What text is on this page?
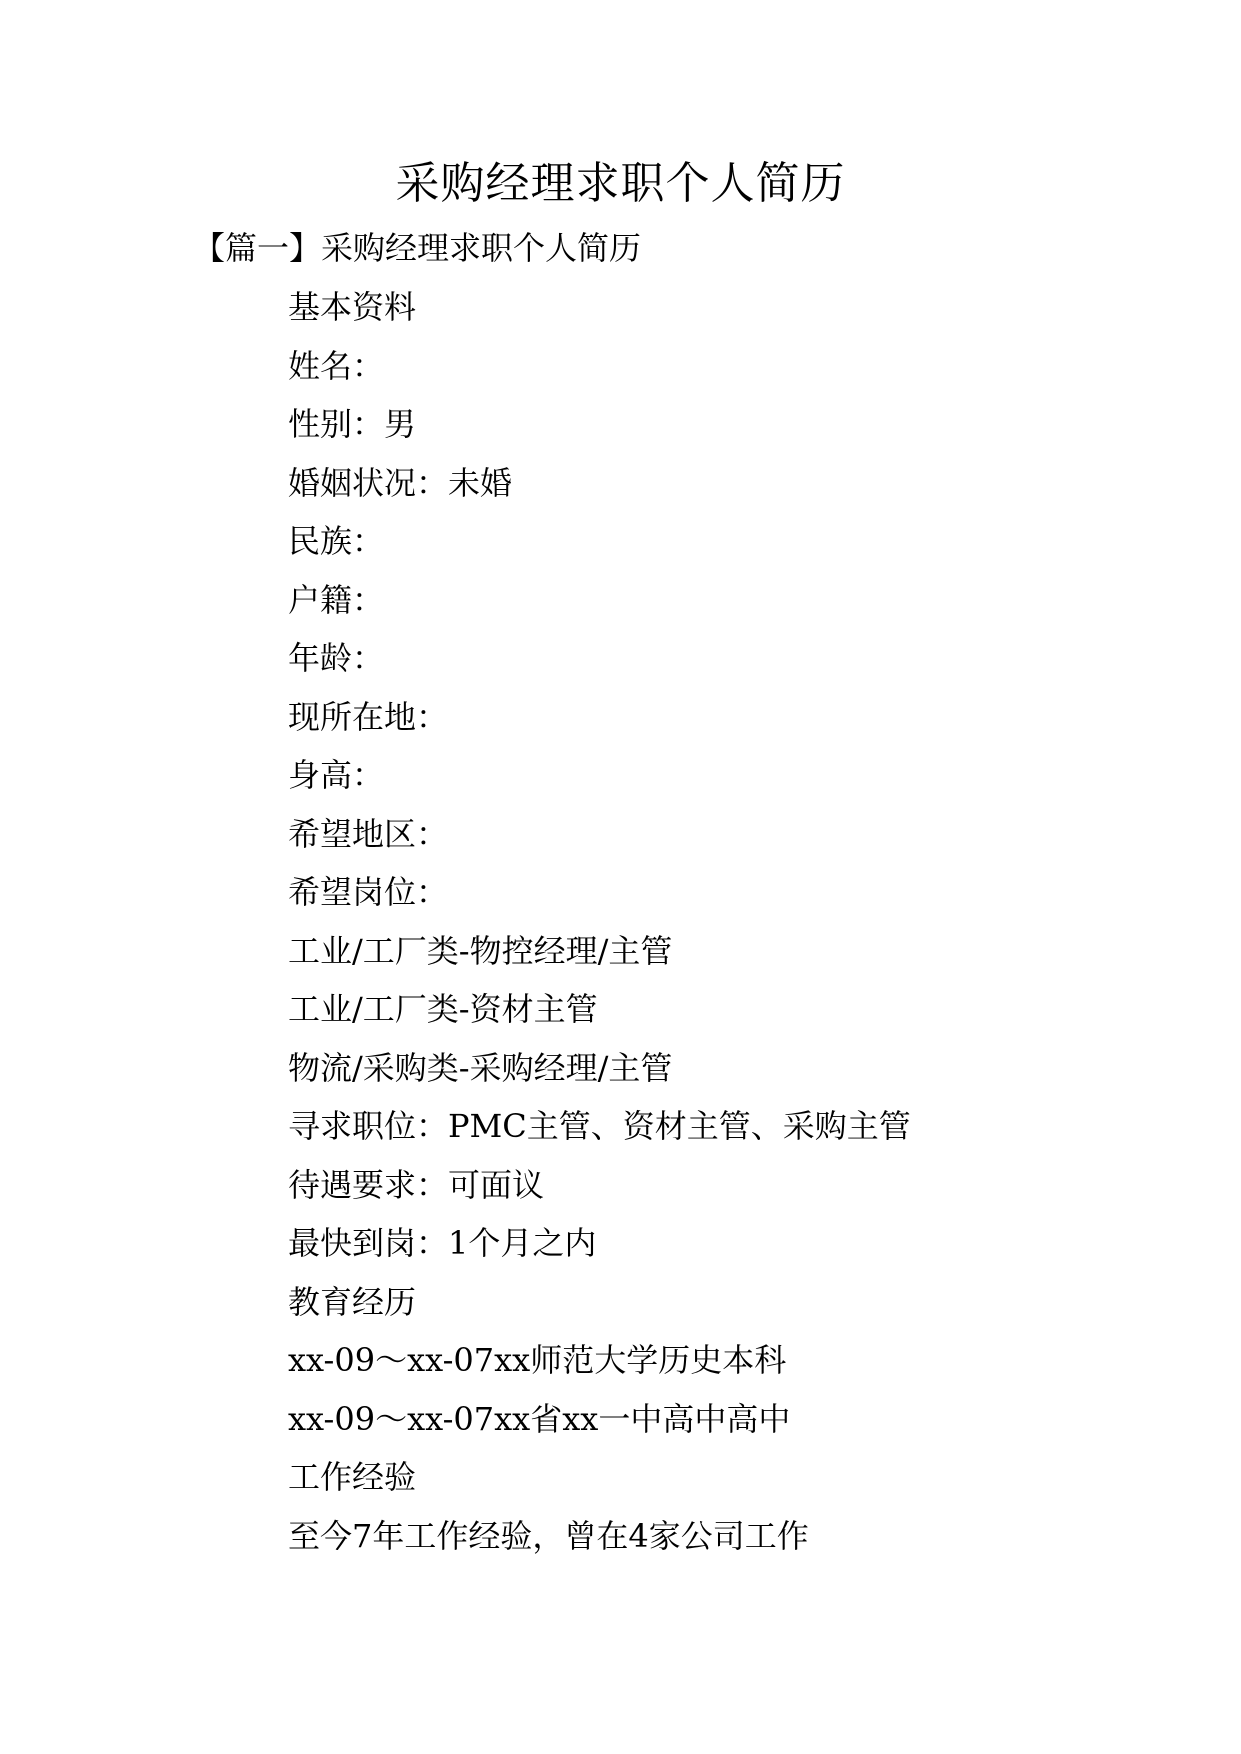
采购经理求职个人简历
【篇一】采购经理求职个人简历
基本资料
姓名：
性别：男
婚姻状况：未婚
民族：
户籍：
年龄：
现所在地：
身高：
希望地区：
希望岗位：
工业/工厂类-物控经理/主管
工业/工厂类-资材主管
物流/采购类-采购经理/主管
寻求职位：PMC主管、资材主管、采购主管
待遇要求：可面议
最快到岗：1个月之内
教育经历
xx-09～xx-07xx师范大学历史本科
xx-09～xx-07xx省xx一中高中高中
工作经验
至今7年工作经验，曾在4家公司工作
